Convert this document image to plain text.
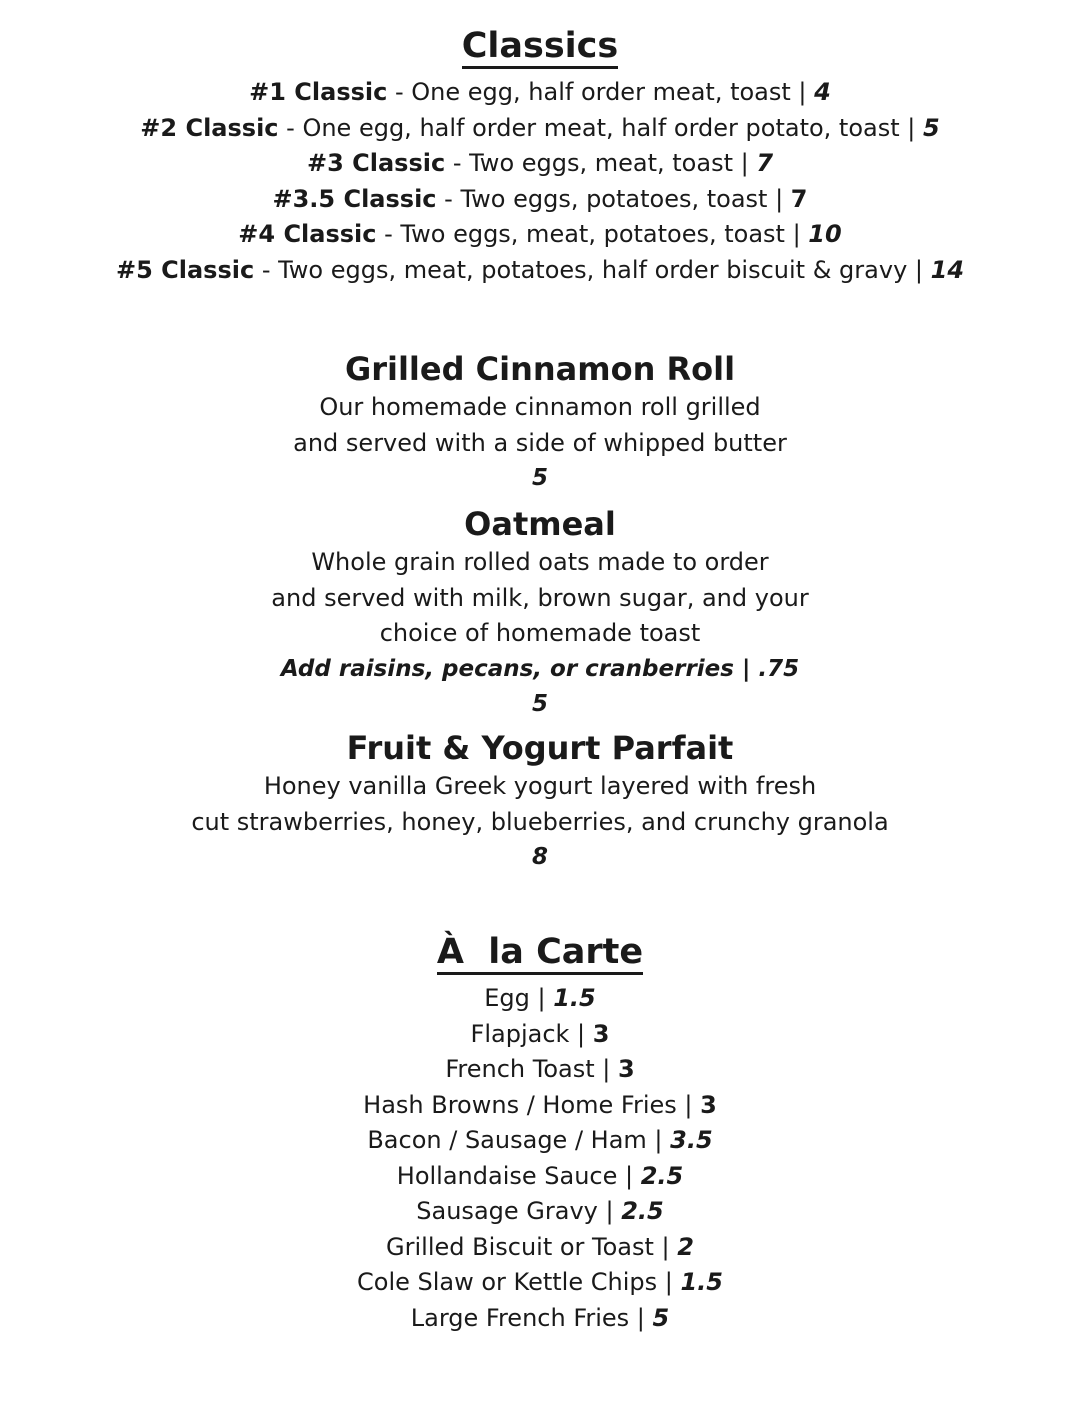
Classics

#1 Classic - One egg, half order meat, toast | 4

#2 Classic - One egg, half order meat, half order potato, toast | 5

#3 Classic - Two eggs, meat, toast | 7

#3.5 Classic - Two eggs, potatoes, toast | 7

#4 Classic - Two eggs, meat, potatoes, toast | 10

#5 Classic - Two eggs, meat, potatoes, half order biscuit & gravy | 14

Grilled Cinnamon Roll

Our homemade cinnamon roll grilled

and served with a side of whipped butter

5

Oatmeal

Whole grain rolled oats made to order

and served with milk, brown sugar, and your

choice of homemade toast

Add raisins, pecans, or cranberries | .75

5

Fruit & Yogurt Parfait

Honey vanilla Greek yogurt layered with fresh

cut strawberries, honey, blueberries, and crunchy granola

8

À  la Carte

Egg | 1.5

Flapjack | 3

French Toast | 3

Hash Browns / Home Fries | 3

Bacon / Sausage / Ham | 3.5

Hollandaise Sauce | 2.5

Sausage Gravy | 2.5

Grilled Biscuit or Toast | 2

Cole Slaw or Kettle Chips | 1.5

Large French Fries | 5
